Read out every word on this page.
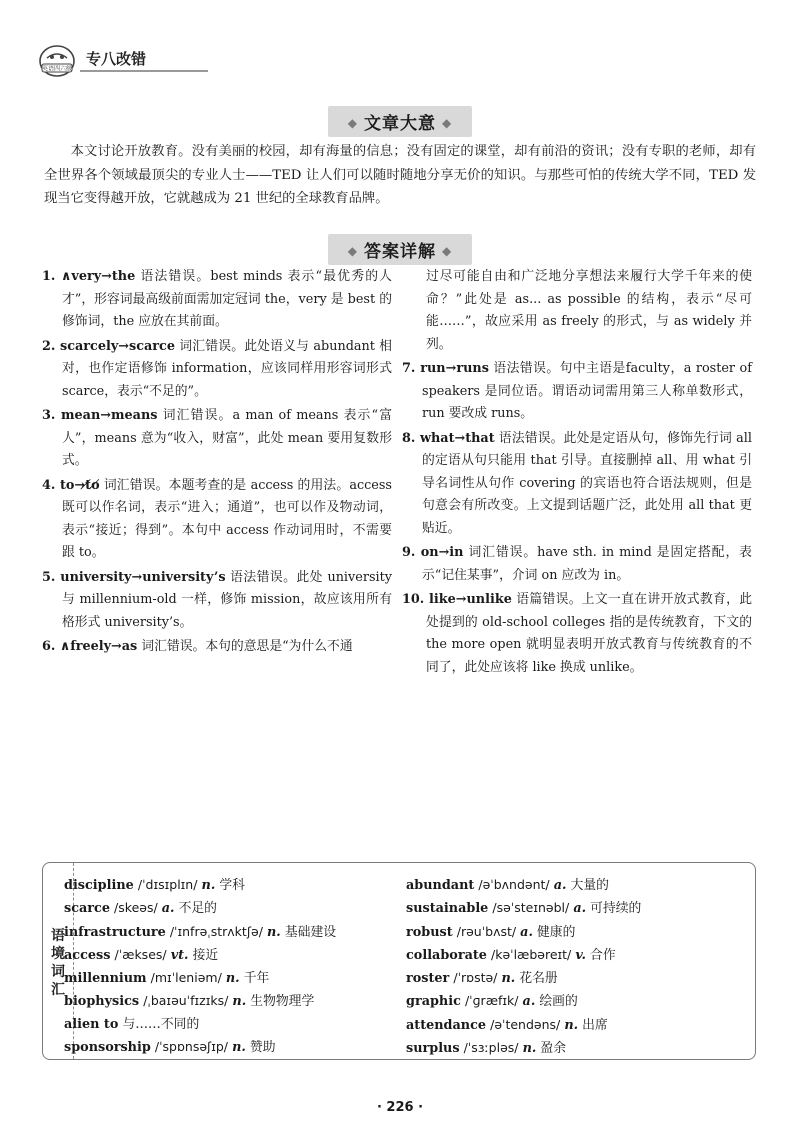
英语四六级
专八改错
◆ 文章大意 ◆

本文讨论开放教育。没有美丽的校园，却有海量的信息；没有固定的课堂，却有前沿的资讯；没有专职的老师，却有全世界各个领域最顶尖的专业人士——TED 让人们可以随时随地分享无价的知识。与那些可怕的传统大学不同，TED 发现当它变得越开放，它就越成为 21 世纪的全球教育品牌。

◆ 答案详解 ◆

1. ∧very→the 语法错误。best minds 表示“最优秀的人才”，形容词最高级前面需加定冠词 the，very 是 best 的修饰词，the 应放在其前面。

2. scarcely→scarce 词汇错误。此处语义与 abundant 相对，也作定语修饰 information，应该同样用形容词形式 scarce，表示“不足的”。

3. mean→means 词汇错误。a man of means 表示“富人”，means 意为“收入，财富”，此处 mean 要用复数形式。

4. to→t̸o̸ 词汇错误。本题考查的是 access 的用法。access 既可以作名词，表示“进入；通道”，也可以作及物动词，表示“接近；得到”。本句中 access 作动词用时，不需要跟 to。

5. university→university’s 语法错误。此处 university 与 millennium-old 一样，修饰 mission，故应该用所有格形式 university’s。

6. ∧freely→as 词汇错误。本句的意思是“为什么不通

过尽可能自由和广泛地分享想法来履行大学千年来的使命？”此处是 as... as possible 的结构，表示“尽可能……”，故应采用 as freely 的形式，与 as widely 并列。

7. run→runs 语法错误。句中主语是faculty，a roster of speakers 是同位语。谓语动词需用第三人称单数形式，run 要改成 runs。

8. what→that 语法错误。此处是定语从句，修饰先行词 all 的定语从句只能用 that 引导。直接删掉 all、用 what 引导名词性从句作 covering 的宾语也符合语法规则，但是句意会有所改变。上文提到话题广泛，此处用 all that 更贴近。

9. on→in 词汇错误。have sth. in mind 是固定搭配，表示“记住某事”，介词 on 应改为 in。

10. like→unlike 语篇错误。上文一直在讲开放式教育，此处提到的 old-school colleges 指的是传统教育，下文的 the more open 就明显表明开放式教育与传统教育的不同了，此处应该将 like 换成 unlike。

语境词汇
discipline /ˈdɪsɪplɪn/ n. 学科
scarce /skeəs/ a. 不足的
infrastructure /ˈɪnfrəˌstrʌktʃə/ n. 基础建设
access /ˈækses/ vt. 接近
millennium /mɪˈleniəm/ n. 千年
biophysics /ˌbaɪəuˈfɪzɪks/ n. 生物物理学
alien to 与……不同的
sponsorship /ˈspɒnsəʃɪp/ n. 赞助
abundant /əˈbʌndənt/ a. 大量的
sustainable /səˈsteɪnəbl/ a. 可持续的
robust /rəuˈbʌst/ a. 健康的
collaborate /kəˈlæbəreɪt/ v. 合作
roster /ˈrɒstə/ n. 花名册
graphic /ˈɡræfɪk/ a. 绘画的
attendance /əˈtendəns/ n. 出席
surplus /ˈsɜːpləs/ n. 盈余
· 226 ·
